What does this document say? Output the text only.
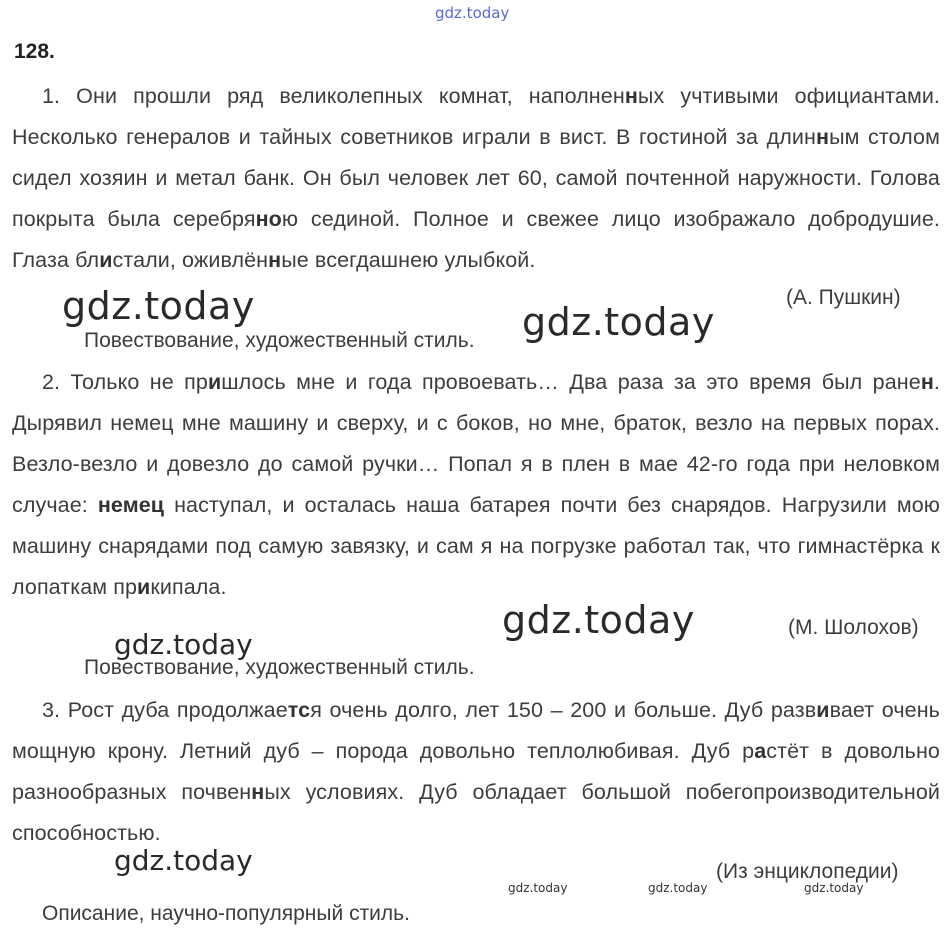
gdz.today
128.
1. Они прошли ряд великолепных комнат, наполненных учтивыми официантами. Несколько генералов и тайных советников играли в вист. В гостиной за длинным столом сидел хозяин и метал банк. Он был человек лет 60, самой почтенной наружности. Голова покрыта была серебряною сединой. Полное и свежее лицо изображало добродушие. Глаза блистали, оживлённые всегдашнею улыбкой.
gdz.today	(А. Пушкин)
gdz.today
Повествование, художественный стиль.
2. Только не пришлось мне и года провоевать… Два раза за это время был ранен. Дырявил немец мне машину и сверху, и с боков, но мне, браток, везло на первых порах. Везло-везло и довезло до самой ручки… Попал я в плен в мае 42-го года при неловком случае: немец наступал, и осталась наша батарея почти без снарядов. Нагрузили мою машину снарядами под самую завязку, и сам я на погрузке работал так, что гимнастёрка к лопаткам прикипала.
gdz.today	(М. Шолохов)
gdz.today
Повествование, художественный стиль.
3. Рост дуба продолжается очень долго, лет 150 – 200 и больше. Дуб развивает очень мощную крону. Летний дуб – порода довольно теплолюбивая. Дуб растёт в довольно разнообразных почвенных условиях. Дуб обладает большой побегопроизводительной способностью.
gdz.today	(Из энциклопедии)
gdz.today	gdz.today	gdz.today
Описание, научно-популярный стиль.
